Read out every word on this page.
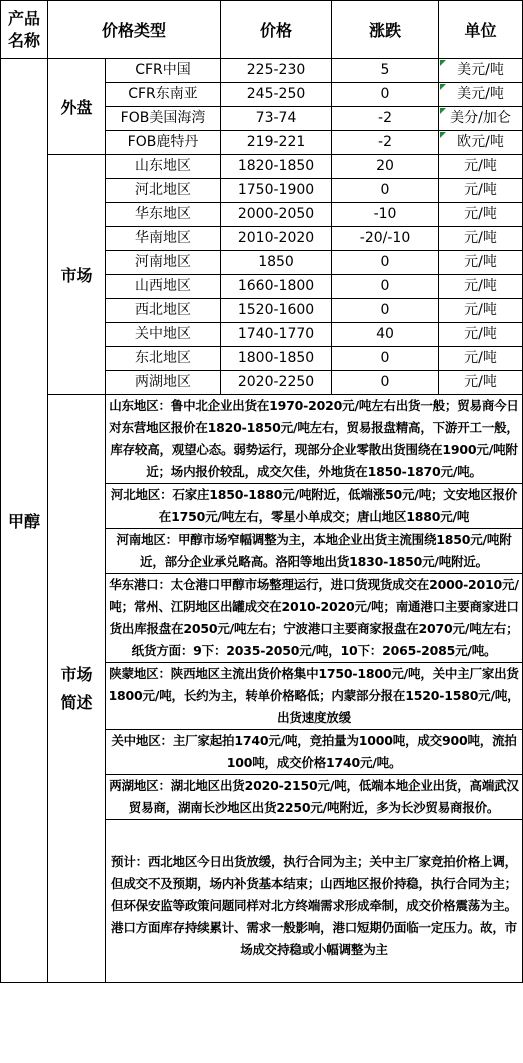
产品
名称	价格类型		价格	涨跌	单位
甲醇	外盘	CFR中国	225-230	5	美元/吨
		CFR东南亚	245-250	0	美元/吨
		FOB美国海湾	73-74	-2	美分/加仑
		FOB鹿特丹	219-221	-2	欧元/吨
	市场	山东地区	1820-1850	20	元/吨
		河北地区	1750-1900	0	元/吨
		华东地区	2000-2050	-10	元/吨
		华南地区	2010-2020	-20/-10	元/吨
		河南地区	1850	0	元/吨
		山西地区	1660-1800	0	元/吨
		西北地区	1520-1600	0	元/吨
		关中地区	1740-1770	40	元/吨
		东北地区	1800-1850	0	元/吨
		两湖地区	2020-2250	0	元/吨

	市场
简述	山东地区：鲁中北企业出货在1970-2020元/吨左右出货一般；贸易商今日对东营地区报价在1820-1850元/吨左右，贸易报盘精高，下游开工一般，库存较高，观望心态。弱势运行，现部分企业零散出货围绕在1900元/吨附近；场内报价较乱，成交欠佳，外地货在1850-1870元/吨。			
		河北地区：石家庄1850-1880元/吨附近，低端涨50元/吨；文安地区报价在1750元/吨左右，零星小单成交；唐山地区1880元/吨			
		河南地区：甲醇市场窄幅调整为主，本地企业出货主流围绕1850元/吨附近，部分企业承兑略高。洛阳等地出货1830-1850元/吨附近。			
		华东港口：太仓港口甲醇市场整理运行，进口货现货成交在2000-2010元/吨；常州、江阴地区出罐成交在2010-2020元/吨；南通港口主要商家进口货出库报盘在2050元/吨左右；宁波港口主要商家报盘在2070元/吨左右；纸货方面：9下：2035-2050元/吨，10下：2065-2085元/吨。			
		陕蒙地区：陕西地区主流出货价格集中1750-1800元/吨，关中主厂家出货1800元/吨，长约为主，转单价格略低；内蒙部分报在1520-1580元/吨，出货速度放缓			
		关中地区：主厂家起拍1740元/吨，竞拍量为1000吨，成交900吨，流拍100吨，成交价格1740元/吨。			
		两湖地区：湖北地区出货2020-2150元/吨，低端本地企业出货，高端武汉贸易商，湖南长沙地区出货2250元/吨附近，多为长沙贸易商报价。			
		预计：西北地区今日出货放缓，执行合同为主；关中主厂家竞拍价格上调，但成交不及预期，场内补货基本结束；山西地区报价持稳，执行合同为主；但环保安监等政策问题同样对北方终端需求形成牵制，成交价格震荡为主。港口方面库存持续累计、需求一般影响，港口短期仍面临一定压力。故，市场成交持稳或小幅调整为主			
